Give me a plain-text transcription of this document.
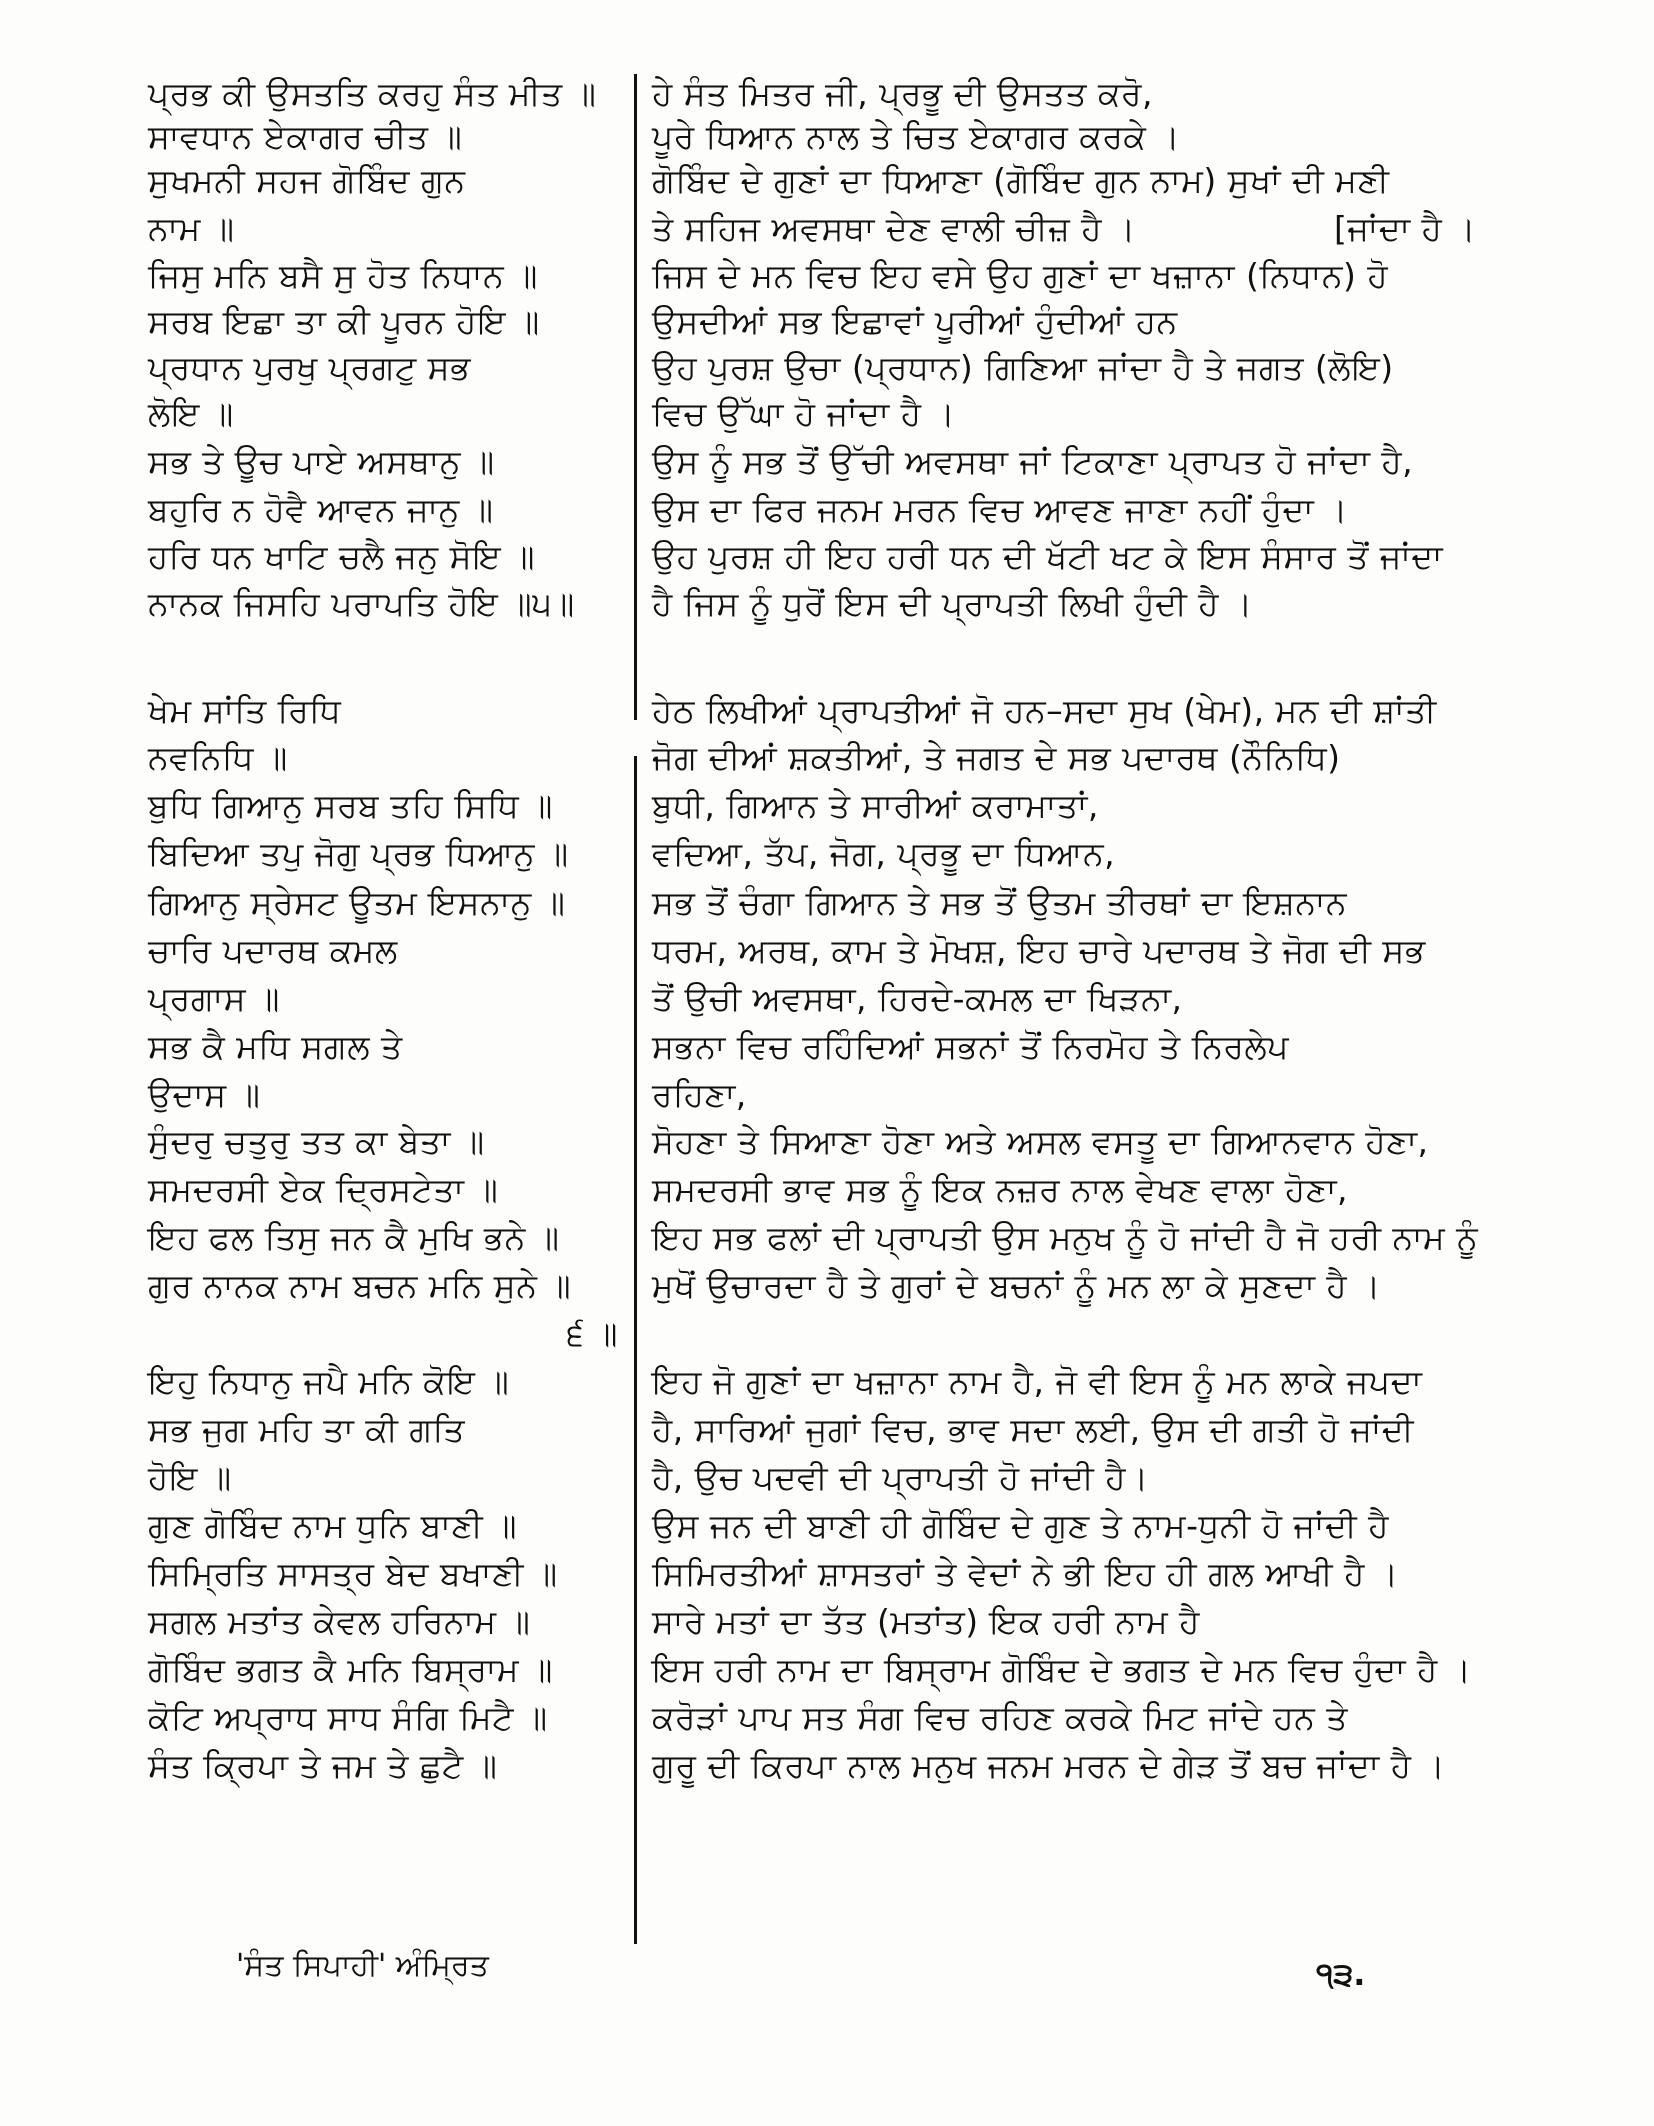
ਪ੍ਰਭ ਕੀ ਉਸਤਤਿ ਕਰਹੁ ਸੰਤ ਮੀਤ ॥
ਸਾਵਧਾਨ ਏਕਾਗਰ ਚੀਤ ॥
ਸੁਖਮਨੀ ਸਹਜ ਗੋਬਿੰਦ ਗੁਨ
ਨਾਮ ॥
ਜਿਸੁ ਮਨਿ ਬਸੈ ਸੁ ਹੋਤ ਨਿਧਾਨ ॥
ਸਰਬ ਇਛਾ ਤਾ ਕੀ ਪੂਰਨ ਹੋਇ ॥
ਪ੍ਰਧਾਨ ਪੁਰਖੁ ਪ੍ਰਗਟੁ ਸਭ
ਲੋਇ ॥
ਸਭ ਤੇ ਊਚ ਪਾਏ ਅਸਥਾਨੁ ॥
ਬਹੁਰਿ ਨ ਹੋਵੈ ਆਵਨ ਜਾਨੁ ॥
ਹਰਿ ਧਨ ਖਾਟਿ ਚਲੈ ਜਨੁ ਸੋਇ ॥
ਨਾਨਕ ਜਿਸਹਿ ਪਰਾਪਤਿ ਹੋਇ ॥੫॥
ਖੇਮ ਸਾਂਤਿ ਰਿਧਿ
ਨਵਨਿਧਿ ॥
ਬੁਧਿ ਗਿਆਨੁ ਸਰਬ ਤਹਿ ਸਿਧਿ ॥
ਬਿਦਿਆ ਤਪੁ ਜੋਗੁ ਪ੍ਰਭ ਧਿਆਨੁ ॥
ਗਿਆਨੁ ਸ੍ਰੇਸਟ ਊਤਮ ਇਸਨਾਨੁ ॥
ਚਾਰਿ ਪਦਾਰਥ ਕਮਲ
ਪ੍ਰਗਾਸ ॥
ਸਭ ਕੈ ਮਧਿ ਸਗਲ ਤੇ
ਉਦਾਸ ॥
ਸੁੰਦਰੁ ਚਤੁਰੁ ਤਤ ਕਾ ਬੇਤਾ ॥
ਸਮਦਰਸੀ ਏਕ ਦ੍ਰਿਸਟੇਤਾ ॥
ਇਹ ਫਲ ਤਿਸੁ ਜਨ ਕੈ ਮੁਖਿ ਭਨੇ ॥
ਗੁਰ ਨਾਨਕ ਨਾਮ ਬਚਨ ਮਨਿ ਸੁਨੇ ॥
੬ ॥
ਇਹੁ ਨਿਧਾਨੁ ਜਪੈ ਮਨਿ ਕੋਇ ॥
ਸਭ ਜੁਗ ਮਹਿ ਤਾ ਕੀ ਗਤਿ
ਹੋਇ ॥
ਗੁਣ ਗੋਬਿੰਦ ਨਾਮ ਧੁਨਿ ਬਾਣੀ ॥
ਸਿਮ੍ਰਿਤਿ ਸਾਸਤ੍ਰ ਬੇਦ ਬਖਾਣੀ ॥
ਸਗਲ ਮਤਾਂਤ ਕੇਵਲ ਹਰਿਨਾਮ ॥
ਗੋਬਿੰਦ ਭਗਤ ਕੈ ਮਨਿ ਬਿਸ੍ਰਾਮ ॥
ਕੋਟਿ ਅਪ੍ਰਾਧ ਸਾਧ ਸੰਗਿ ਮਿਟੈ ॥
ਸੰਤ ਕ੍ਰਿਪਾ ਤੇ ਜਮ ਤੇ ਛੁਟੈ ॥
ਹੇ ਸੰਤ ਮਿਤਰ ਜੀ, ਪ੍ਰਭੂ ਦੀ ਉਸਤਤ ਕਰੋ,
ਪੂਰੇ ਧਿਆਨ ਨਾਲ ਤੇ ਚਿਤ ਏਕਾਗਰ ਕਰਕੇ ।
ਗੋਬਿੰਦ ਦੇ ਗੁਣਾਂ ਦਾ ਧਿਆਣਾ (ਗੋਬਿੰਦ ਗੁਨ ਨਾਮ) ਸੁਖਾਂ ਦੀ ਮਣੀ
ਤੇ ਸਹਿਜ ਅਵਸਥਾ ਦੇਣ ਵਾਲੀ ਚੀਜ਼ ਹੈ ।	[ਜਾਂਦਾ ਹੈ ।
ਜਿਸ ਦੇ ਮਨ ਵਿਚ ਇਹ ਵਸੇ ਉਹ ਗੁਣਾਂ ਦਾ ਖਜ਼ਾਨਾ (ਨਿਧਾਨ) ਹੋ
ਉਸਦੀਆਂ ਸਭ ਇਛਾਵਾਂ ਪੂਰੀਆਂ ਹੁੰਦੀਆਂ ਹਨ
ਉਹ ਪੁਰਸ਼ ਉਚਾ (ਪ੍ਰਧਾਨ) ਗਿਣਿਆ ਜਾਂਦਾ ਹੈ ਤੇ ਜਗਤ (ਲੋਇ)
ਵਿਚ ਉੱਘਾ ਹੋ ਜਾਂਦਾ ਹੈ ।
ਉਸ ਨੂੰ ਸਭ ਤੋਂ ਉੱਚੀ ਅਵਸਥਾ ਜਾਂ ਟਿਕਾਣਾ ਪ੍ਰਾਪਤ ਹੋ ਜਾਂਦਾ ਹੈ,
ਉਸ ਦਾ ਫਿਰ ਜਨਮ ਮਰਨ ਵਿਚ ਆਵਣ ਜਾਣਾ ਨਹੀਂ ਹੁੰਦਾ ।
ਉਹ ਪੁਰਸ਼ ਹੀ ਇਹ ਹਰੀ ਧਨ ਦੀ ਖੱਟੀ ਖਟ ਕੇ ਇਸ ਸੰਸਾਰ ਤੋਂ ਜਾਂਦਾ
ਹੈ ਜਿਸ ਨੂੰ ਧੁਰੋਂ ਇਸ ਦੀ ਪ੍ਰਾਪਤੀ ਲਿਖੀ ਹੁੰਦੀ ਹੈ ।
ਹੇਠ ਲਿਖੀਆਂ ਪ੍ਰਾਪਤੀਆਂ ਜੋ ਹਨ–ਸਦਾ ਸੁਖ (ਖੇਮ), ਮਨ ਦੀ ਸ਼ਾਂਤੀ
ਜੋਗ ਦੀਆਂ ਸ਼ਕਤੀਆਂ, ਤੇ ਜਗਤ ਦੇ ਸਭ ਪਦਾਰਥ (ਨੌਨਿਧਿ)
ਬੁਧੀ, ਗਿਆਨ ਤੇ ਸਾਰੀਆਂ ਕਰਾਮਾਤਾਂ,
ਵਦਿਆ, ਤੱਪ, ਜੋਗ, ਪ੍ਰਭੂ ਦਾ ਧਿਆਨ,
ਸਭ ਤੋਂ ਚੰਗਾ ਗਿਆਨ ਤੇ ਸਭ ਤੋਂ ਉਤਮ ਤੀਰਥਾਂ ਦਾ ਇਸ਼ਨਾਨ
ਧਰਮ, ਅਰਥ, ਕਾਮ ਤੇ ਮੋਖਸ਼, ਇਹ ਚਾਰੇ ਪਦਾਰਥ ਤੇ ਜੋਗ ਦੀ ਸਭ
ਤੋਂ ਉਚੀ ਅਵਸਥਾ, ਹਿਰਦੇ-ਕਮਲ ਦਾ ਖਿੜਨਾ,
ਸਭਨਾ ਵਿਚ ਰਹਿੰਦਿਆਂ ਸਭਨਾਂ ਤੋਂ ਨਿਰਮੋਹ ਤੇ ਨਿਰਲੇਪ
ਰਹਿਣਾ,
ਸੋਹਣਾ ਤੇ ਸਿਆਣਾ ਹੋਣਾ ਅਤੇ ਅਸਲ ਵਸਤੂ ਦਾ ਗਿਆਨਵਾਨ ਹੋਣਾ,
ਸਮਦਰਸੀ ਭਾਵ ਸਭ ਨੂੰ ਇਕ ਨਜ਼ਰ ਨਾਲ ਵੇਖਣ ਵਾਲਾ ਹੋਣਾ,
ਇਹ ਸਭ ਫਲਾਂ ਦੀ ਪ੍ਰਾਪਤੀ ਉਸ ਮਨੁਖ ਨੂੰ ਹੋ ਜਾਂਦੀ ਹੈ ਜੋ ਹਰੀ ਨਾਮ ਨੂੰ
ਮੁਖੋਂ ਉਚਾਰਦਾ ਹੈ ਤੇ ਗੁਰਾਂ ਦੇ ਬਚਨਾਂ ਨੂੰ ਮਨ ਲਾ ਕੇ ਸੁਣਦਾ ਹੈ ।
ਇਹ ਜੋ ਗੁਣਾਂ ਦਾ ਖਜ਼ਾਨਾ ਨਾਮ ਹੈ, ਜੋ ਵੀ ਇਸ ਨੂੰ ਮਨ ਲਾਕੇ ਜਪਦਾ
ਹੈ, ਸਾਰਿਆਂ ਜੁਗਾਂ ਵਿਚ, ਭਾਵ ਸਦਾ ਲਈ, ਉਸ ਦੀ ਗਤੀ ਹੋ ਜਾਂਦੀ
ਹੈ, ਉਚ ਪਦਵੀ ਦੀ ਪ੍ਰਾਪਤੀ ਹੋ ਜਾਂਦੀ ਹੈ।
ਉਸ ਜਨ ਦੀ ਬਾਣੀ ਹੀ ਗੋਬਿੰਦ ਦੇ ਗੁਣ ਤੇ ਨਾਮ-ਧੁਨੀ ਹੋ ਜਾਂਦੀ ਹੈ
ਸਿਮਿਰਤੀਆਂ ਸ਼ਾਸਤਰਾਂ ਤੇ ਵੇਦਾਂ ਨੇ ਭੀ ਇਹ ਹੀ ਗਲ ਆਖੀ ਹੈ ।
ਸਾਰੇ ਮਤਾਂ ਦਾ ਤੱਤ (ਮਤਾਂਤ) ਇਕ ਹਰੀ ਨਾਮ ਹੈ
ਇਸ ਹਰੀ ਨਾਮ ਦਾ ਬਿਸ੍ਰਾਮ ਗੋਬਿੰਦ ਦੇ ਭਗਤ ਦੇ ਮਨ ਵਿਚ ਹੁੰਦਾ ਹੈ ।
ਕਰੋੜਾਂ ਪਾਪ ਸਤ ਸੰਗ ਵਿਚ ਰਹਿਣ ਕਰਕੇ ਮਿਟ ਜਾਂਦੇ ਹਨ ਤੇ
ਗੁਰੂ ਦੀ ਕਿਰਪਾ ਨਾਲ ਮਨੁਖ ਜਨਮ ਮਰਨ ਦੇ ਗੇੜ ਤੋਂ ਬਚ ਜਾਂਦਾ ਹੈ ।
'ਸੰਤ ਸਿਪਾਹੀ' ਅੰਮ੍ਰਿਤ	੧੩.
